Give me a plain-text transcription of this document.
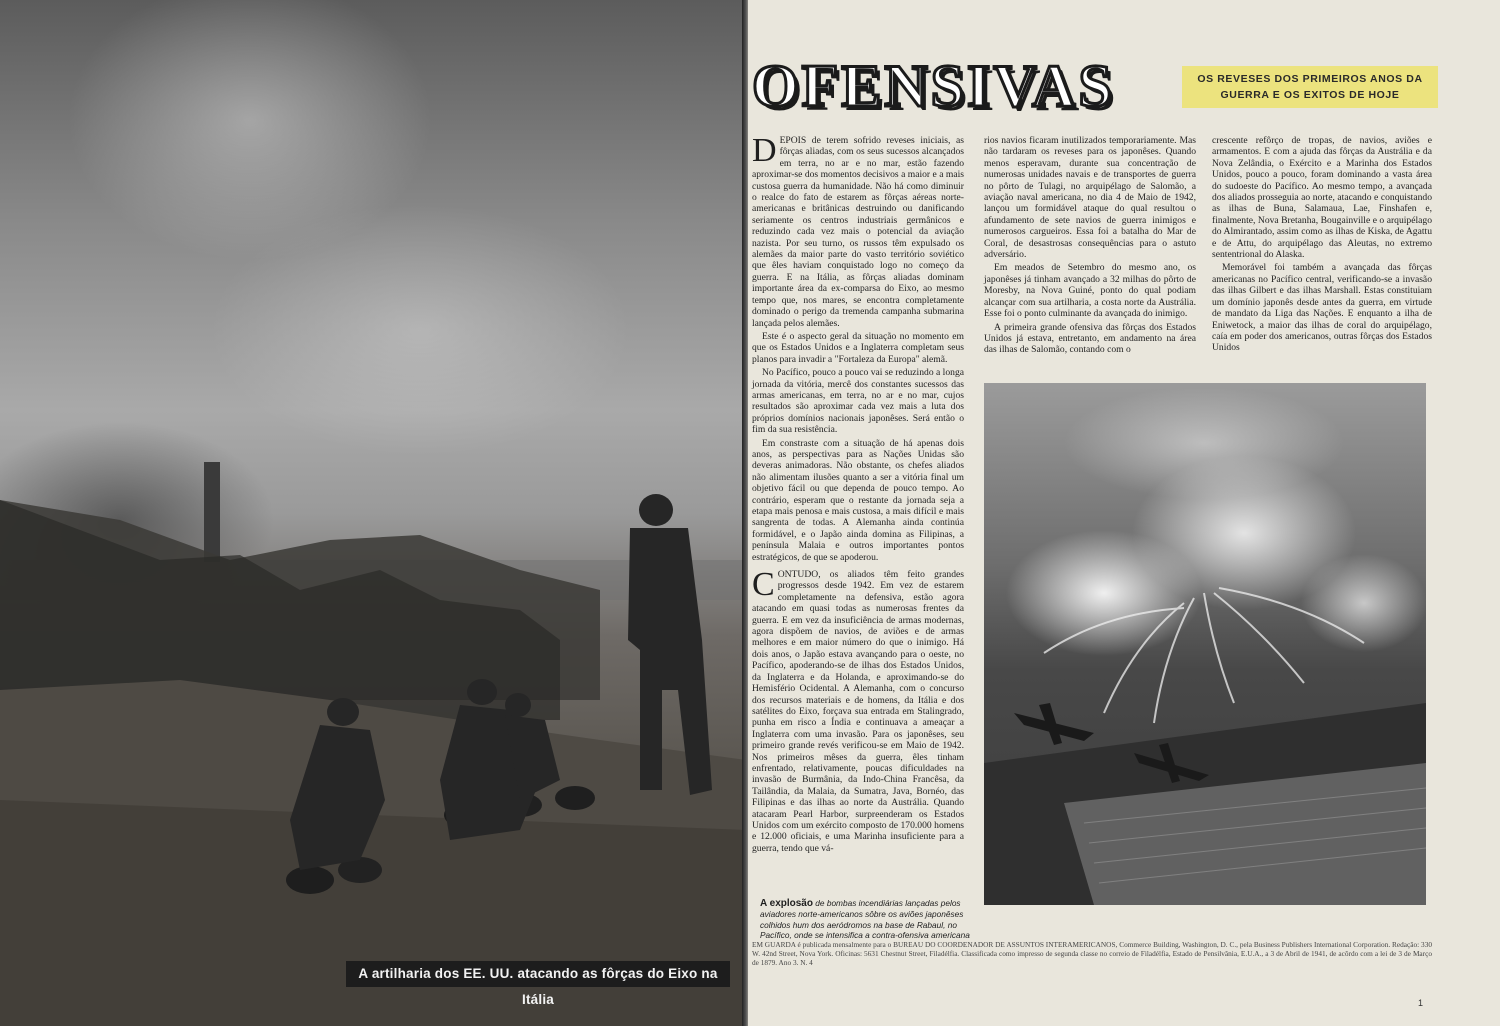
A artilharia dos EE. UU. atacando as fôrças do Eixo na Itália
OFENSIVAS	OS REVESES DOS PRIMEIROS ANOS DA
GUERRA E OS EXITOS DE HOJE

DEPOIS de terem sofrido reveses iniciais, as fôrças aliadas, com os seus sucessos alcançados em terra, no ar e no mar, estão fazendo aproximar-se dos momentos decisivos a maior e a mais custosa guerra da humanidade. Não há como diminuir o realce do fato de estarem as fôrças aéreas norte-americanas e britânicas destruindo ou danificando seriamente os centros industriais germânicos e reduzindo cada vez mais o potencial da aviação nazista. Por seu turno, os russos têm expulsado os alemães da maior parte do vasto território soviético que êles haviam conquistado logo no começo da guerra. E na Itália, as fôrças aliadas dominam importante área da ex-comparsa do Eixo, ao mesmo tempo que, nos mares, se encontra completamente dominado o perigo da tremenda campanha submarina lançada pelos alemães.

Este é o aspecto geral da situação no momento em que os Estados Unidos e a Inglaterra completam seus planos para invadir a "Fortaleza da Europa" alemã.

No Pacífico, pouco a pouco vai se reduzindo a longa jornada da vitória, mercê dos constantes sucessos das armas americanas, em terra, no ar e no mar, cujos resultados são aproximar cada vez mais a luta dos próprios domínios nacionais japonêses. Será então o fim da sua resistência.

Em constraste com a situação de há apenas dois anos, as perspectivas para as Nações Unidas são deveras animadoras. Não obstante, os chefes aliados não alimentam ilusões quanto a ser a vitória final um objetivo fácil ou que dependa de pouco tempo. Ao contrário, esperam que o restante da jornada seja a etapa mais penosa e mais custosa, a mais difícil e mais sangrenta de todas. A Alemanha ainda continúa formidável, e o Japão ainda domina as Filipinas, a península Malaia e outros importantes pontos estratégicos, de que se apoderou.

CONTUDO, os aliados têm feito grandes progressos desde 1942. Em vez de estarem completamente na defensiva, estão agora atacando em quasi todas as numerosas frentes da guerra. E em vez da insuficiência de armas modernas, agora dispõem de navios, de aviões e de armas melhores e em maior número do que o inimigo. Há dois anos, o Japão estava avançando para o oeste, no Pacífico, apoderando-se de ilhas dos Estados Unidos, da Inglaterra e da Holanda, e aproximando-se do Hemisfério Ocidental. A Alemanha, com o concurso dos recursos materiais e de homens, da Itália e dos satélites do Eixo, forçava sua entrada em Stalingrado, punha em risco a Índia e continuava a ameaçar a Inglaterra com uma invasão. Para os japonêses, seu primeiro grande revés verificou-se em Maio de 1942. Nos primeiros mêses da guerra, êles tinham enfrentado, relativamente, poucas dificuldades na invasão de Burmânia, da Indo-China Francêsa, da Tailândia, da Malaia, da Sumatra, Java, Bornéo, das Filipinas e das ilhas ao norte da Austrália. Quando atacaram Pearl Harbor, surpreenderam os Estados Unidos com um exército composto de 170.000 homens e 12.000 oficiais, e uma Marinha insuficiente para a guerra, tendo que vá-

rios navios ficaram inutilizados temporariamente. Mas não tardaram os reveses para os japonêses. Quando menos esperavam, durante sua concentração de numerosas unidades navais e de transportes de guerra no pôrto de Tulagi, no arquipélago de Salomão, a aviação naval americana, no dia 4 de Maio de 1942, lançou um formidável ataque do qual resultou o afundamento de sete navios de guerra inimigos e numerosos cargueiros. Essa foi a batalha do Mar de Coral, de desastrosas consequências para o astuto adversário.

Em meados de Setembro do mesmo ano, os japonêses já tinham avançado a 32 milhas do pôrto de Moresby, na Nova Guiné, ponto do qual podiam alcançar com sua artilharia, a costa norte da Austrália. Esse foi o ponto culminante da avançada do inimigo.

A primeira grande ofensiva das fôrças dos Estados Unidos já estava, entretanto, em andamento na área das ilhas de Salomão, contando com o

crescente refôrço de tropas, de navios, aviões e armamentos. E com a ajuda das fôrças da Austrália e da Nova Zelândia, o Exército e a Marinha dos Estados Unidos, pouco a pouco, foram dominando a vasta área do sudoeste do Pacífico. Ao mesmo tempo, a avançada dos aliados prosseguia ao norte, atacando e conquistando as ilhas de Buna, Salamaua, Lae, Finshafen e, finalmente, Nova Bretanha, Bougainville e o arquipélago do Almirantado, assim como as ilhas de Kiska, de Agattu e de Attu, do arquipélago das Aleutas, no extremo sententrional do Alaska.

Memorável foi também a avançada das fôrças americanas no Pacífico central, verificando-se a invasão das ilhas Gilbert e das ilhas Marshall. Estas constituiam um domínio japonês desde antes da guerra, em virtude de mandato da Liga das Nações. E enquanto a ilha de Eniwetock, a maior das ilhas de coral do arquipélago, caía em poder dos americanos, outras fôrças dos Estados Unidos

A explosão de bombas incendiárias lançadas pelos aviadores norte-americanos sôbre os aviões japonêses colhidos hum dos aeródromos na base de Rabaul, no Pacífico, onde se intensifica a contra-ofensiva americana
EM GUARDA é publicada mensalmente para o BUREAU DO COORDENADOR DE ASSUNTOS INTERAMERICANOS, Commerce Building, Washington, D. C., pela Business Publishers International Corporation. Redação: 330 W. 42nd Street, Nova York. Oficinas: 5631 Chestnut Street, Filadélfia. Classificada como impresso de segunda classe no correio de Filadélfia, Estado de Pensilvânia, E.U.A., a 3 de Abril de 1941, de acôrdo com a lei de 3 de Março de 1879. Ano 3. N. 4
1
